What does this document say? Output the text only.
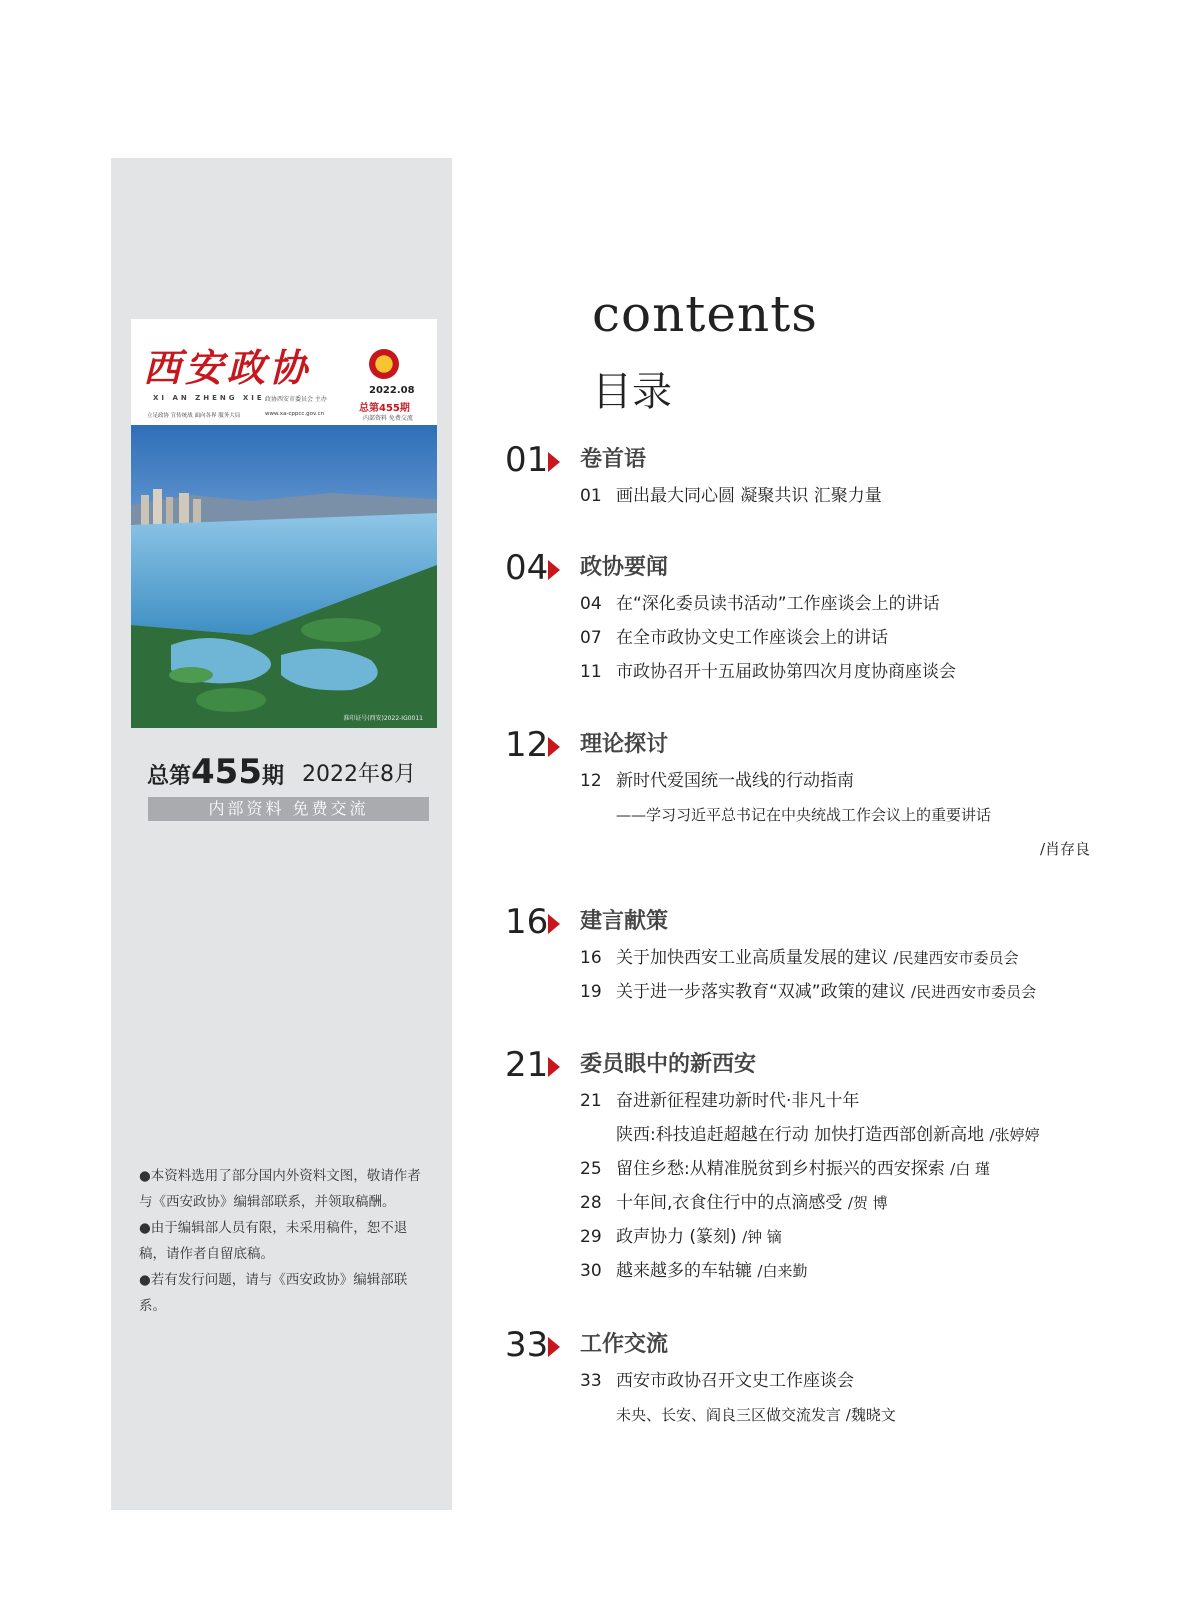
西安政协
XI AN ZHENG XIE 政协西安市委员会 主办
★
2022.08
总第455期
内部资料 免费交流
立足政协 宣传统战 面向各界 服务大局	www.xa-cppcc.gov.cn
准印证号(西安)2022-IG0011
总第455期 2022年8月
内部资料 免费交流

●本资料选用了部分国内外资料文图，敬请作者与《西安政协》编辑部联系，并领取稿酬。

●由于编辑部人员有限，未采用稿件，恕不退稿，请作者自留底稿。

●若有发行问题，请与《西安政协》编辑部联系。

contents
目录
01 卷首语
01 画出最大同心圆 凝聚共识 汇聚力量
04 政协要闻
04 在“深化委员读书活动”工作座谈会上的讲话
07 在全市政协文史工作座谈会上的讲话
11 市政协召开十五届政协第四次月度协商座谈会
12 理论探讨
12 新时代爱国统一战线的行动指南
——学习习近平总书记在中央统战工作会议上的重要讲话
/肖存良
16 建言献策
16 关于加快西安工业高质量发展的建议 /民建西安市委员会
19 关于进一步落实教育“双减”政策的建议 /民进西安市委员会
21 委员眼中的新西安
21 奋进新征程建功新时代·非凡十年
陕西:科技追赶超越在行动 加快打造西部创新高地 /张婷婷
25 留住乡愁:从精准脱贫到乡村振兴的西安探索 /白 瑾
28 十年间,衣食住行中的点滴感受 /贺 博
29 政声协力 (篆刻) /钟 镝
30 越来越多的车轱辘 /白来勤
33 工作交流
33 西安市政协召开文史工作座谈会
未央、长安、阎良三区做交流发言 /魏晓文
